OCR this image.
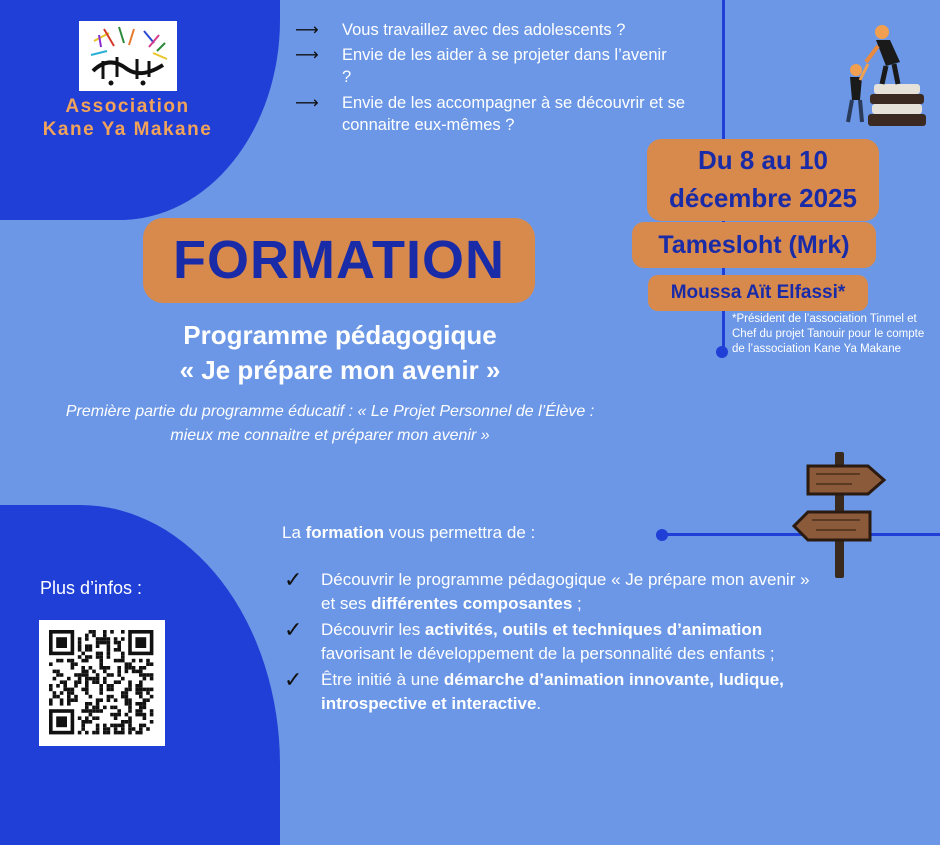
Association
Kane Ya Makane
⟶ Vous travaillez avec des adolescents ?
⟶ Envie de les aider à se projeter dans l’avenir ?
⟶ Envie de les accompagner à se découvrir et se connaitre eux-mêmes ?
Du 8 au 10
décembre 2025
Tamesloht (Mrk)
Moussa Aït Elfassi*
*Président de l’association Tinmel et Chef du projet Tanouir pour le compte de l’association Kane Ya Makane
FORMATION
Programme pédagogique
« Je prépare mon avenir »
Première partie du programme éducatif : « Le Projet Personnel de l’Élève :
mieux me connaitre et préparer mon avenir »
La formation vous permettra de :
✓ Découvrir le programme pédagogique « Je prépare mon avenir » et ses différentes composantes ;
✓ Découvrir les activités, outils et techniques d’animation favorisant le développement de la personnalité des enfants ;
✓ Être initié à une démarche d’animation innovante, ludique, introspective et interactive.
Plus d’infos :
